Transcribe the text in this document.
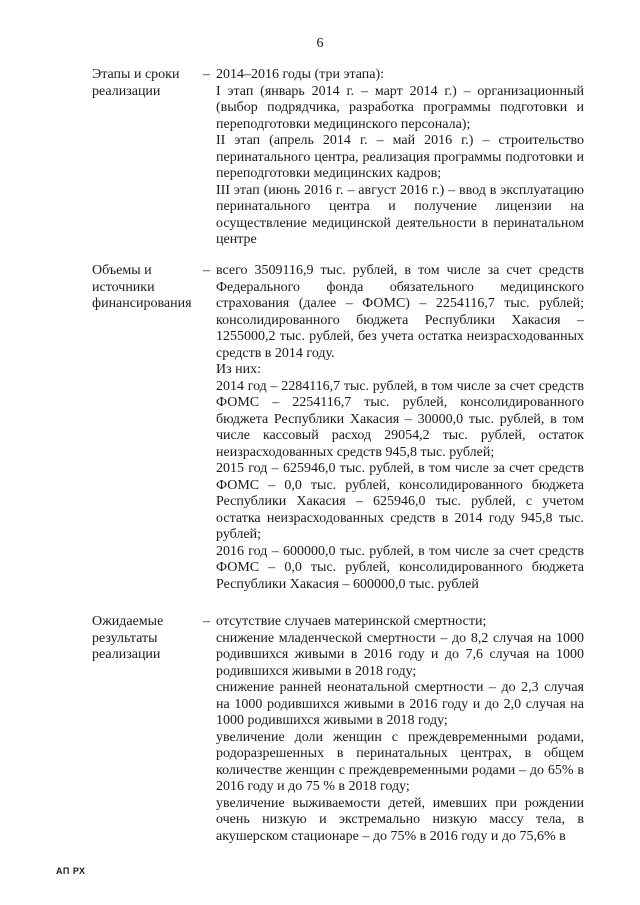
6
Этапы и сроки реализации
– 2014–2016 годы (три этапа):

I этап (январь 2014 г. – март 2014 г.) – организационный (выбор подрядчика, разработка программы подготовки и переподготовки медицинского персонала);

II этап (апрель 2014 г. – май 2016 г.) – строительство перинатального центра, реализация программы подготовки и переподготовки медицинских кадров;

III этап (июнь 2016 г. – август 2016 г.) – ввод в эксплуатацию перинатального центра и получение лицензии на осуществление медицинской деятельности в перинатальном центре

Объемы и источники финансирования
– всего 3509116,9 тыс. рублей, в том числе за счет средств Федерального фонда обязательного медицинского страхования (далее – ФОМС) – 2254116,7 тыс. рублей; консолидированного бюджета Республики Хакасия – 1255000,2 тыс. рублей, без учета остатка неизрасходованных средств в 2014 году.

Из них:

2014 год – 2284116,7 тыс. рублей, в том числе за счет средств ФОМС – 2254116,7 тыс. рублей, консолидированного бюджета Республики Хакасия – 30000,0 тыс. рублей, в том числе кассовый расход 29054,2 тыс. рублей, остаток неизрасходованных средств 945,8 тыс. рублей;

2015 год – 625946,0 тыс. рублей, в том числе за счет средств ФОМС – 0,0 тыс. рублей, консолидированного бюджета Республики Хакасия – 625946,0 тыс. рублей, с учетом остатка неизрасходованных средств в 2014 году 945,8 тыс. рублей;

2016 год – 600000,0 тыс. рублей, в том числе за счет средств ФОМС – 0,0 тыс. рублей, консолидированного бюджета Республики Хакасия – 600000,0 тыс. рублей

Ожидаемые результаты реализации
– отсутствие случаев материнской смертности;

снижение младенческой смертности – до 8,2 случая на 1000 родившихся живыми в 2016 году и до 7,6 случая на 1000 родившихся живыми в 2018 году;

снижение ранней неонатальной смертности – до 2,3 случая на 1000 родившихся живыми в 2016 году и до 2,0 случая на 1000 родившихся живыми в 2018 году;

увеличение доли женщин с преждевременными родами, родоразрешенных в перинатальных центрах, в общем количестве женщин с преждевременными родами – до 65% в 2016 году и до 75 % в 2018 году;

увеличение выживаемости детей, имевших при рождении очень низкую и экстремально низкую массу тела, в акушерском стационаре – до 75% в 2016 году и до 75,6% в

АП РХ
